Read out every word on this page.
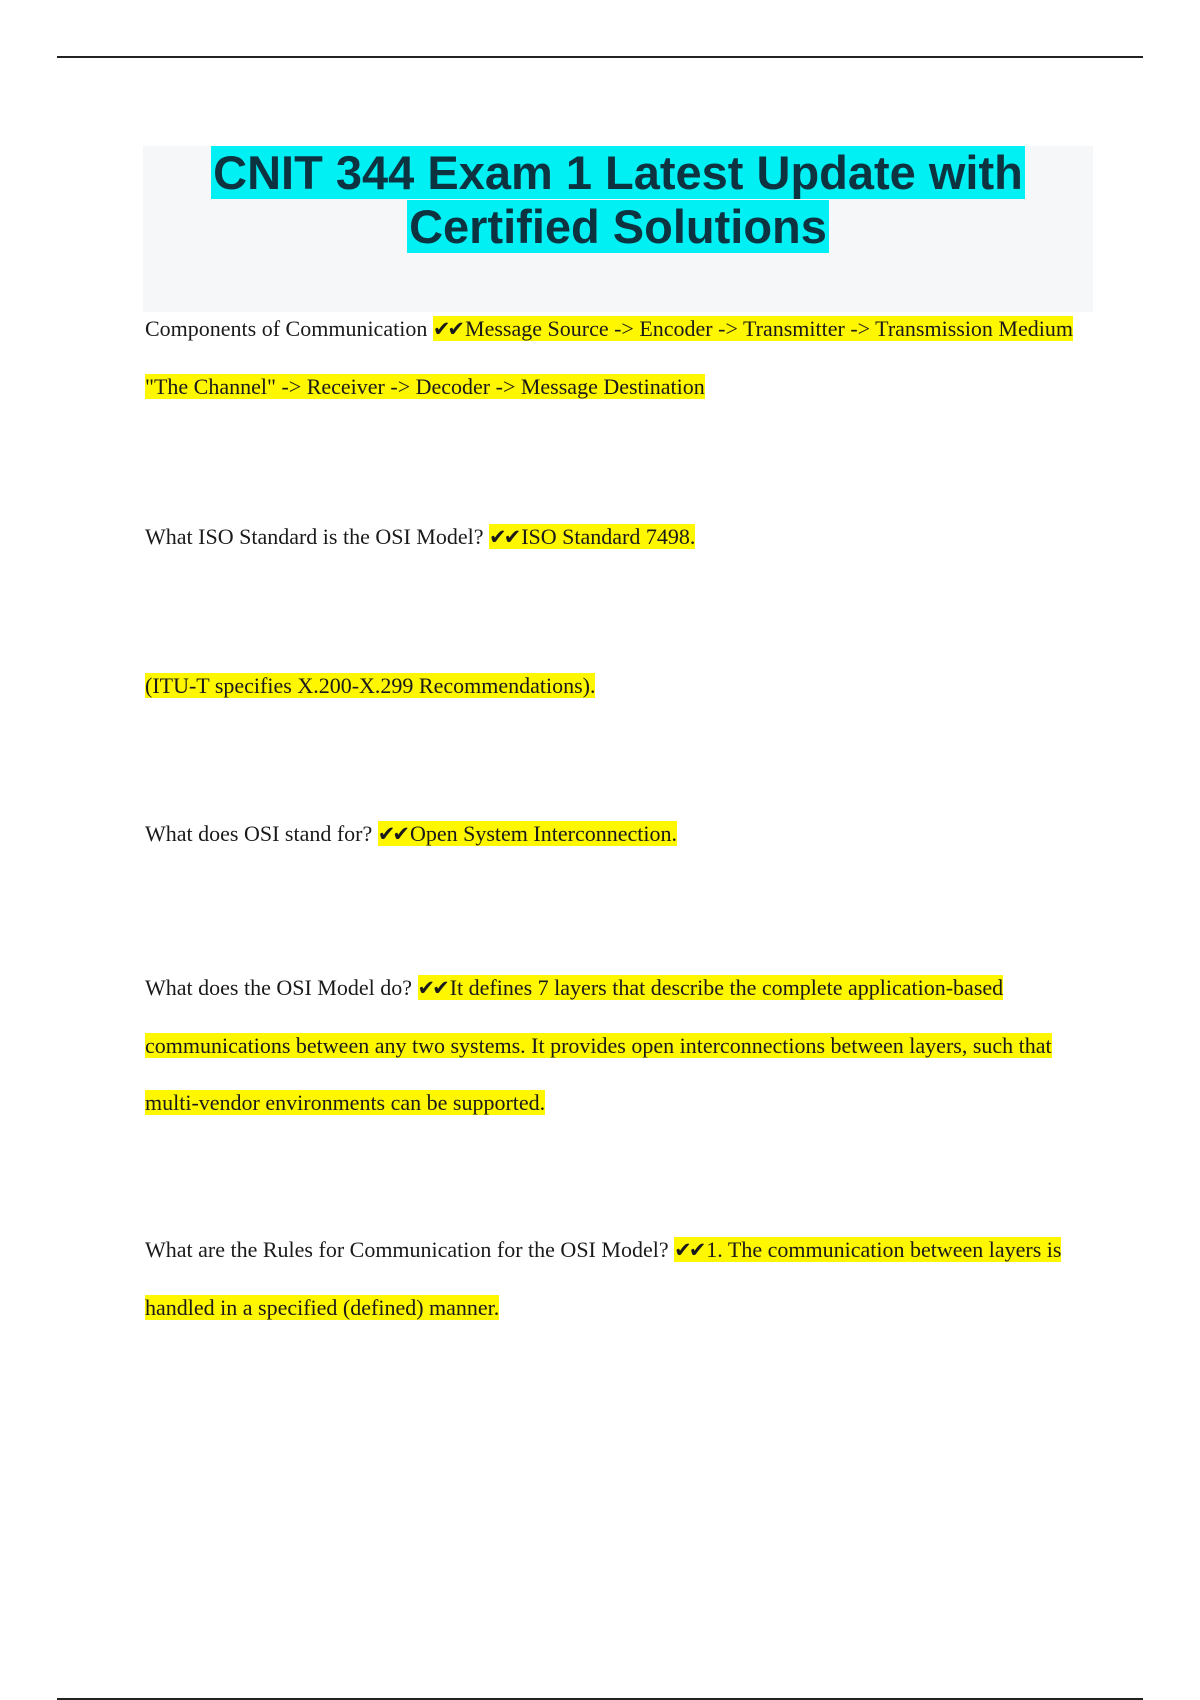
CNIT 344 Exam 1 Latest Update with
Certified Solutions
Components of Communication ✔✔ Message Source -> Encoder -> Transmitter -> Transmission Medium "The Channel" -> Receiver -> Decoder -> Message Destination
What ISO Standard is the OSI Model? ✔✔ ISO Standard 7498.
(ITU-T specifies X.200-X.299 Recommendations).
What does OSI stand for? ✔✔ Open System Interconnection.
What does the OSI Model do? ✔✔ It defines 7 layers that describe the complete application-based communications between any two systems. It provides open interconnections between layers, such that multi-vendor environments can be supported.
What are the Rules for Communication for the OSI Model? ✔✔ 1. The communication between layers is handled in a specified (defined) manner.
